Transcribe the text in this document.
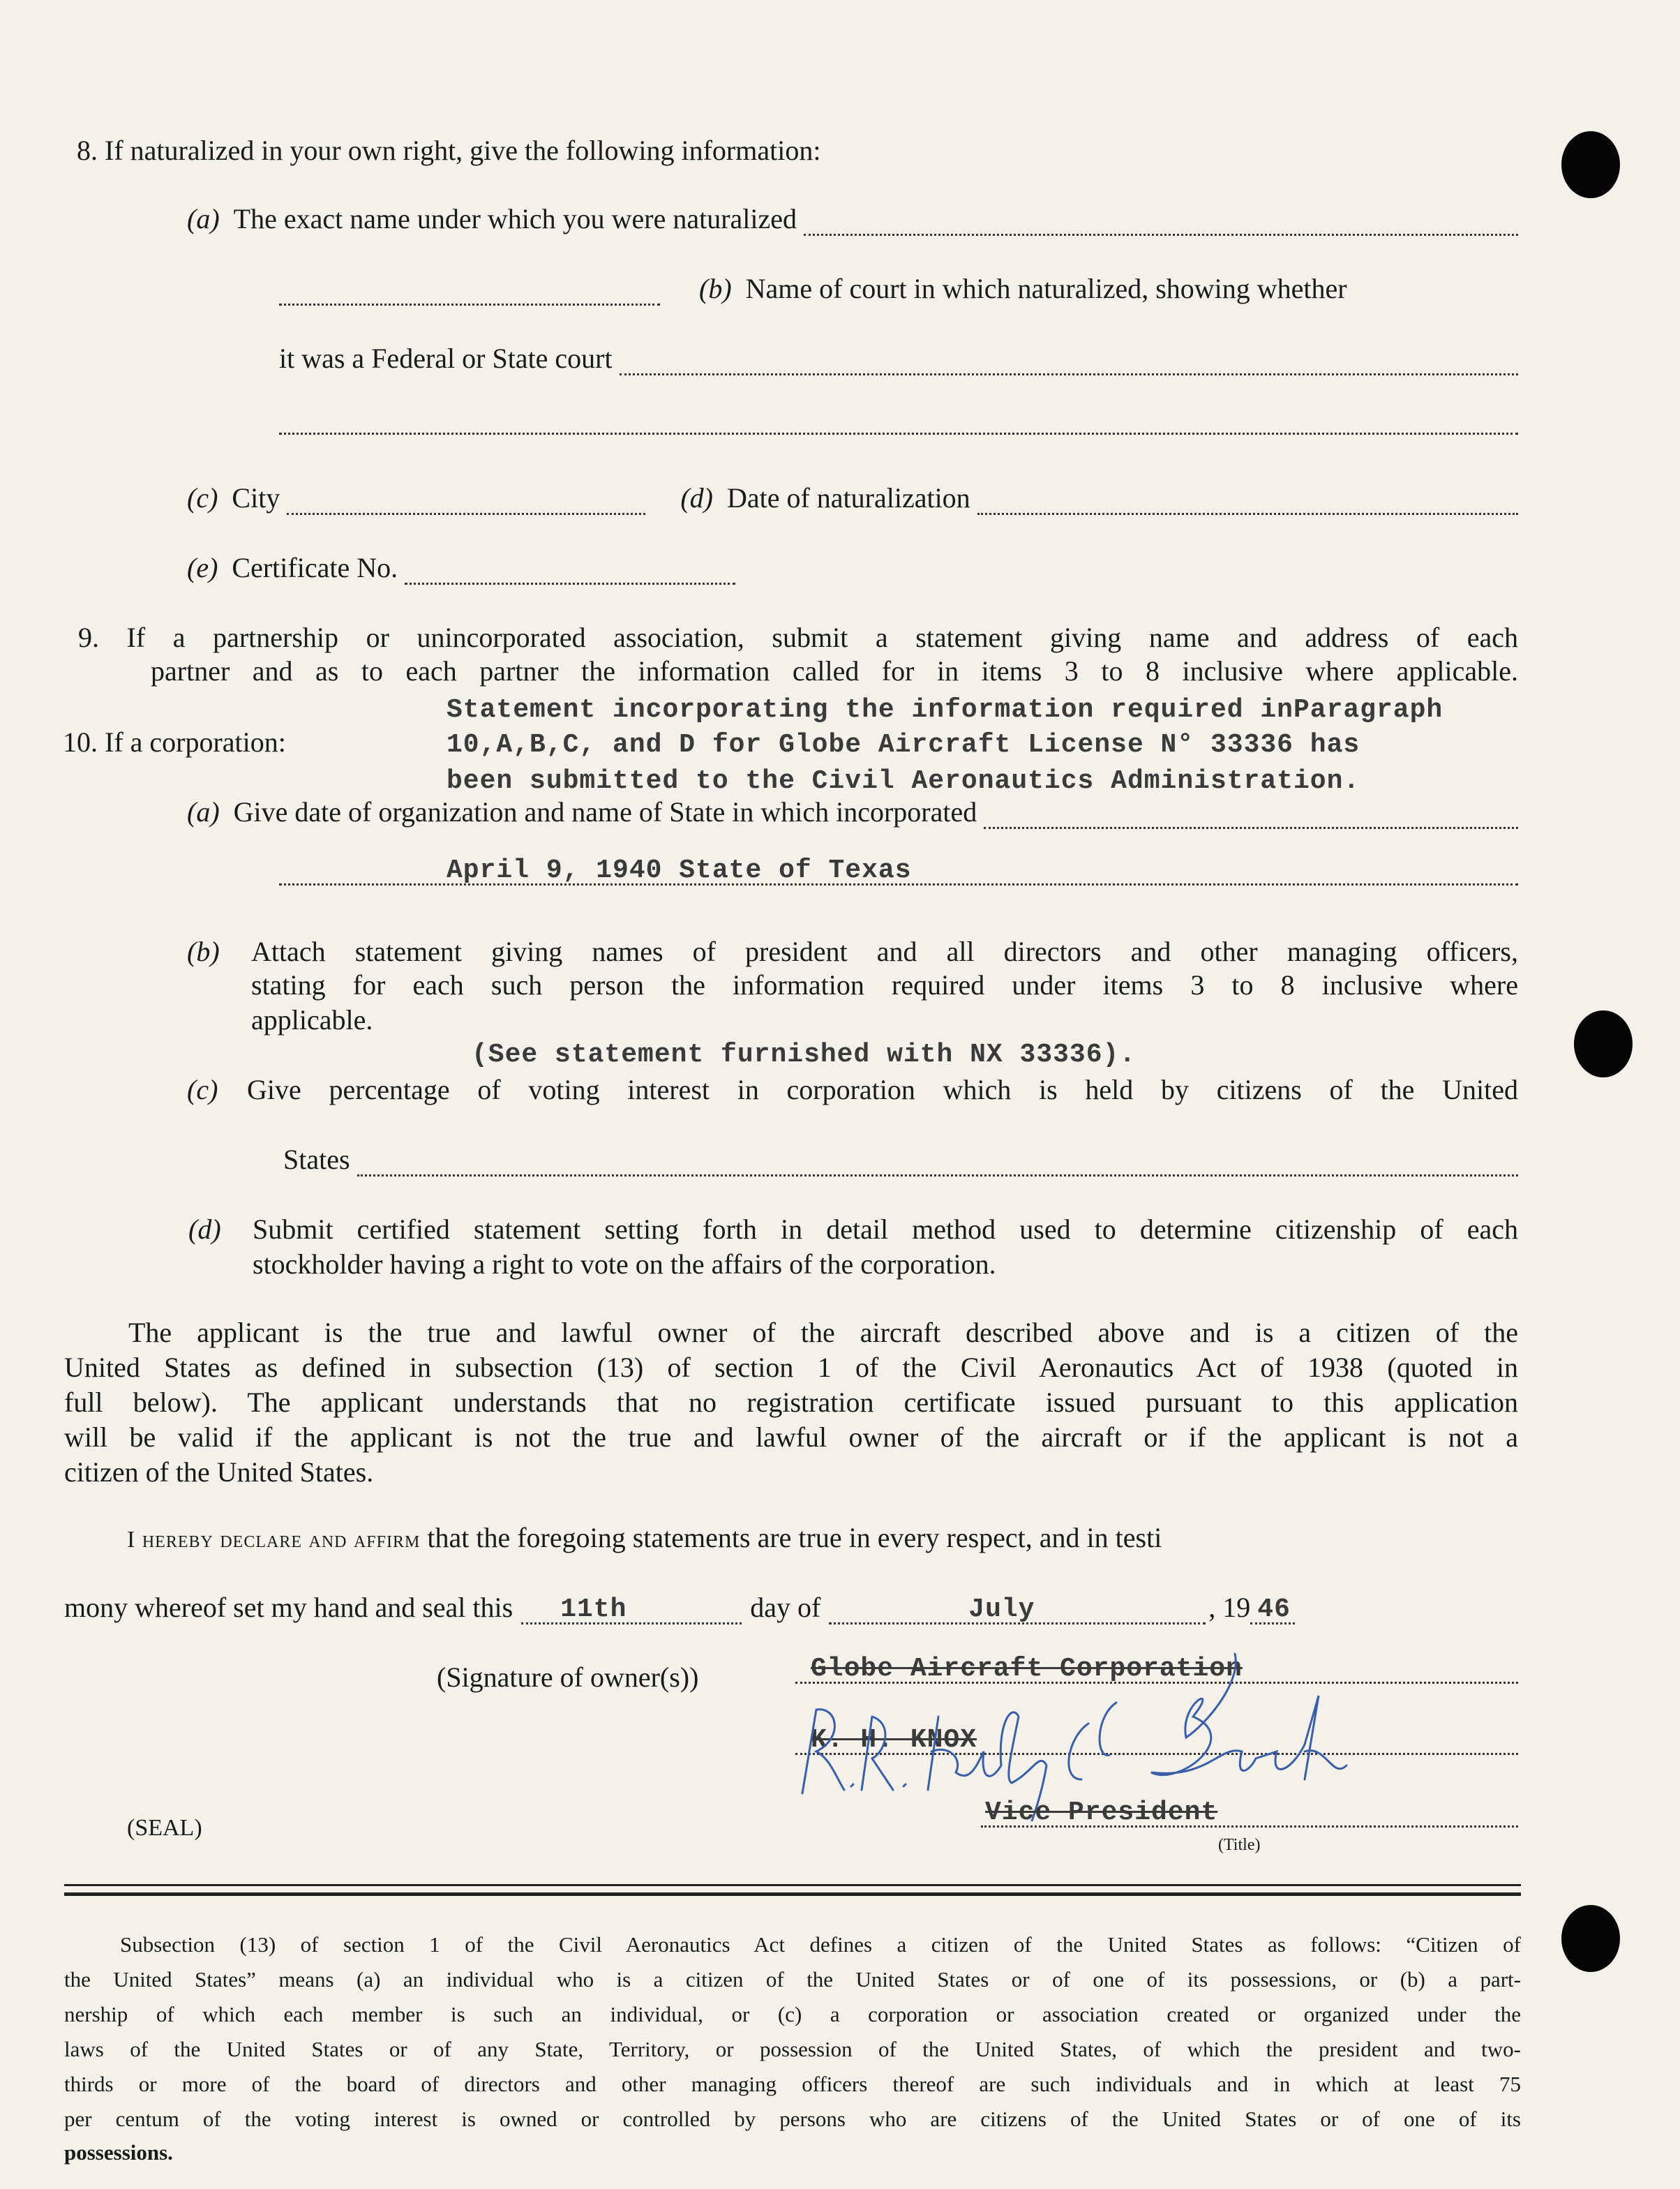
8. If naturalized in your own right, give the following information:
(a)
The exact name under which you were naturalized
(b)
Name of court in which naturalized, showing whether
it was a Federal or State court
(c)
City	(d)
Date of naturalization
(e)
Certificate No.
9. If a partnership or unincorporated association, submit a statement giving name and address of each
partner and as to each partner the information called for in items 3 to 8 inclusive where applicable.
10. If a corporation:
Statement incorporating the information required inParagraph
10,A,B,C, and D for Globe Aircraft License N° 33336 has
been submitted to the Civil Aeronautics Administration.
(a)
Give date of organization and name of State in which incorporated
April 9, 1940 State of Texas
(b) Attach statement giving names of president and all directors and other managing officers,
stating for each such person the information required under items 3 to 8 inclusive where
applicable.
(See statement furnished with NX 33336).
(c) Give percentage of voting interest in corporation which is held by citizens of the United
States
(d) Submit certified statement setting forth in detail method used to determine citizenship of each
stockholder having a right to vote on the affairs of the corporation.
The applicant is the true and lawful owner of the aircraft described above and is a citizen of the
United States as defined in subsection (13) of section 1 of the Civil Aeronautics Act of 1938 (quoted in
full below). The applicant understands that no registration certificate issued pursuant to this application
will be valid if the applicant is not the true and lawful owner of the aircraft or if the applicant is not a
citizen of the United States.
I hereby declare and affirm that the foregoing statements are true in every respect, and in testi
mony whereof set my hand and seal this 11th	day of	July	, 19 46
(Signature of owner(s))	Globe Aircraft Corporation
K. H. KNOX
(SEAL)
Vice President
(Title)
Subsection (13) of section 1 of the Civil Aeronautics Act defines a citizen of the United States as follows: “Citizen of
the United States” means (a) an individual who is a citizen of the United States or of one of its possessions, or (b) a part-
nership of which each member is such an individual, or (c) a corporation or association created or organized under the
laws of the United States or of any State, Territory, or possession of the United States, of which the president and two-
thirds or more of the board of directors and other managing officers thereof are such individuals and in which at least 75
per centum of the voting interest is owned or controlled by persons who are citizens of the United States or of one of its
possessions.
